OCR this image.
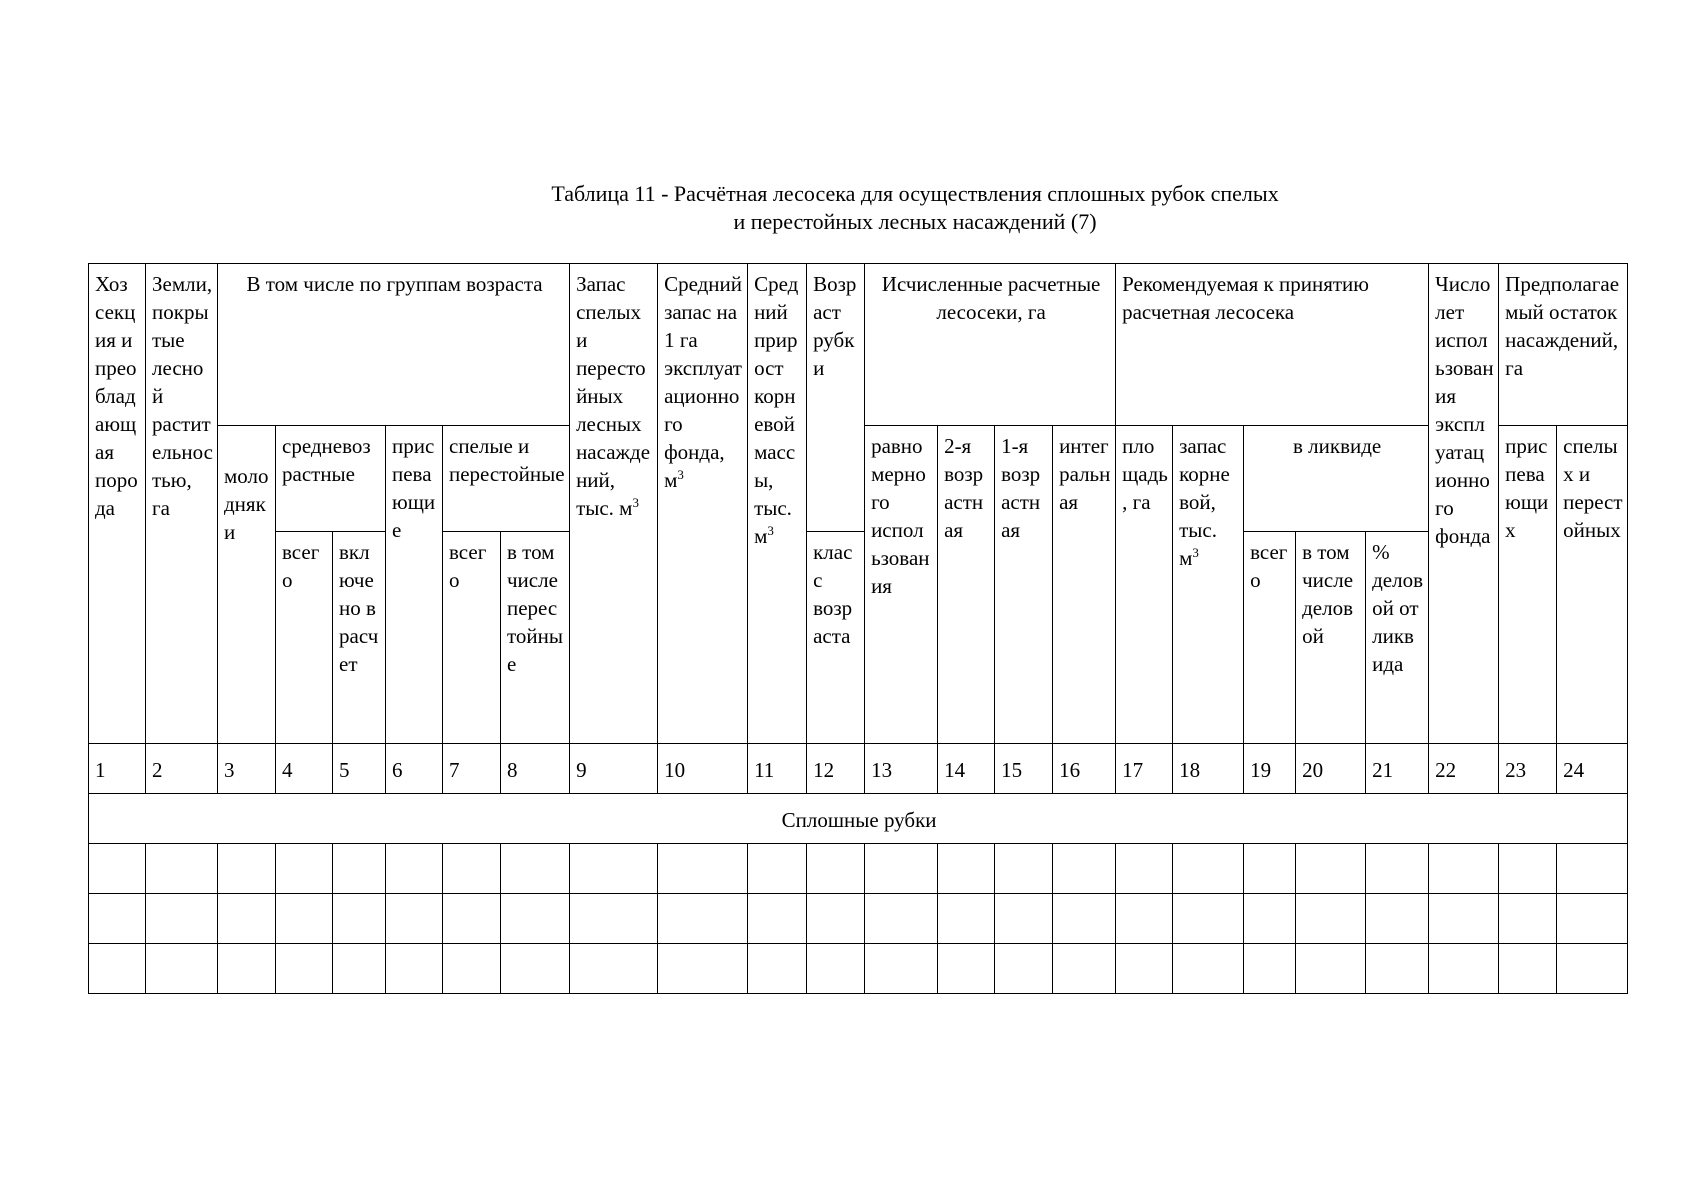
Таблица 11 - Расчётная лесосека для осуществления сплошных рубок спелых
и перестойных лесных насаждений (7)
Хоз секция и преобладающая порода	Земли, покрытые лесной растительностью, га	В том числе по группам возраста						Запас спелых и перестойных лесных насаждений, тыс. $м^3$	Средний запас на 1 га эксплуатационного фонда, $м^3$	Средний прирост корневой массы, тыс. $м^3$	Возраст рубки	Исчисленные расчетные лесосеки, га				Рекомендуемая к принятию расчетная лесосека					Число лет использования эксплуатационного фонда	Предполагаемый остаток насаждений, га	
		молодняки	средневозрастные		приспевающие	спелые и перестойные						равномерного использования	2-я возрастная	1-я возрастная	интегральная	площадь, га	запас корневой, тыс. $м^3$	в ликвиде				приспевающих	спелых и перестойных
			всего	включено в расчет		всего	в том числе перестойные				класс возраста							всего	в том числе деловой	% деловой от ликвида			
1	2	3	4	5	6	7	8	9	10	11	12	13	14	15	16	17	18	19	20	21	22	23	24
Сплошные рубки																							
